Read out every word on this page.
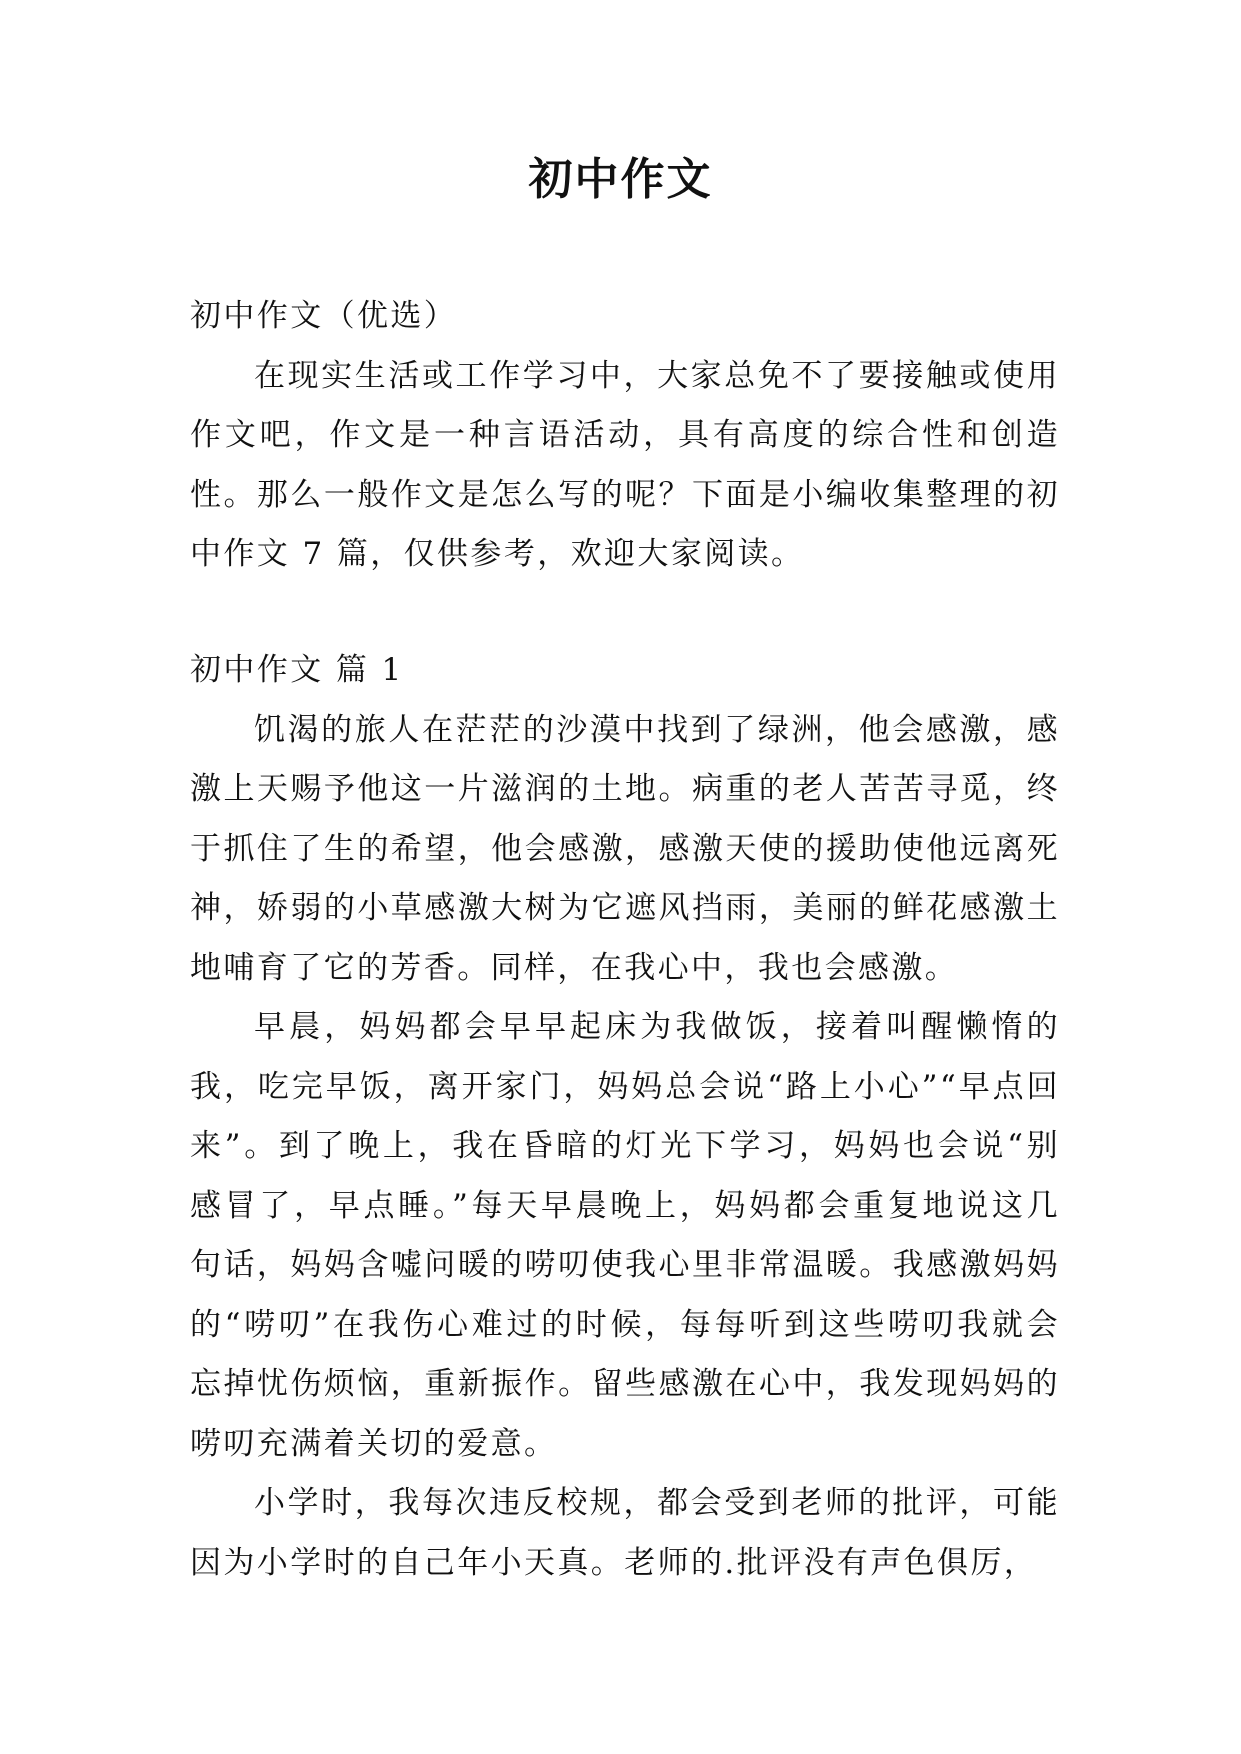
初中作文

初中作文（优选）

在现实生活或工作学习中，大家总免不了要接触或使用作文吧，作文是一种言语活动，具有高度的综合性和创造性。那么一般作文是怎么写的呢？下面是小编收集整理的初中作文 7 篇，仅供参考，欢迎大家阅读。

初中作文 篇 1

饥渴的旅人在茫茫的沙漠中找到了绿洲，他会感激，感激上天赐予他这一片滋润的土地。病重的老人苦苦寻觅，终于抓住了生的希望，他会感激，感激天使的援助使他远离死神，娇弱的小草感激大树为它遮风挡雨，美丽的鲜花感激土地哺育了它的芳香。同样，在我心中，我也会感激。

早晨，妈妈都会早早起床为我做饭，接着叫醒懒惰的我，吃完早饭，离开家门，妈妈总会说“路上小心”“早点回来”。到了晚上，我在昏暗的灯光下学习，妈妈也会说“别感冒了，早点睡。”每天早晨晚上，妈妈都会重复地说这几句话，妈妈含嘘问暖的唠叨使我心里非常温暖。我感激妈妈的“唠叨”在我伤心难过的时候，每每听到这些唠叨我就会忘掉忧伤烦恼，重新振作。留些感激在心中，我发现妈妈的唠叨充满着关切的爱意。

小学时，我每次违反校规，都会受到老师的批评，可能因为小学时的自己年小天真。老师的.批评没有声色俱厉，
